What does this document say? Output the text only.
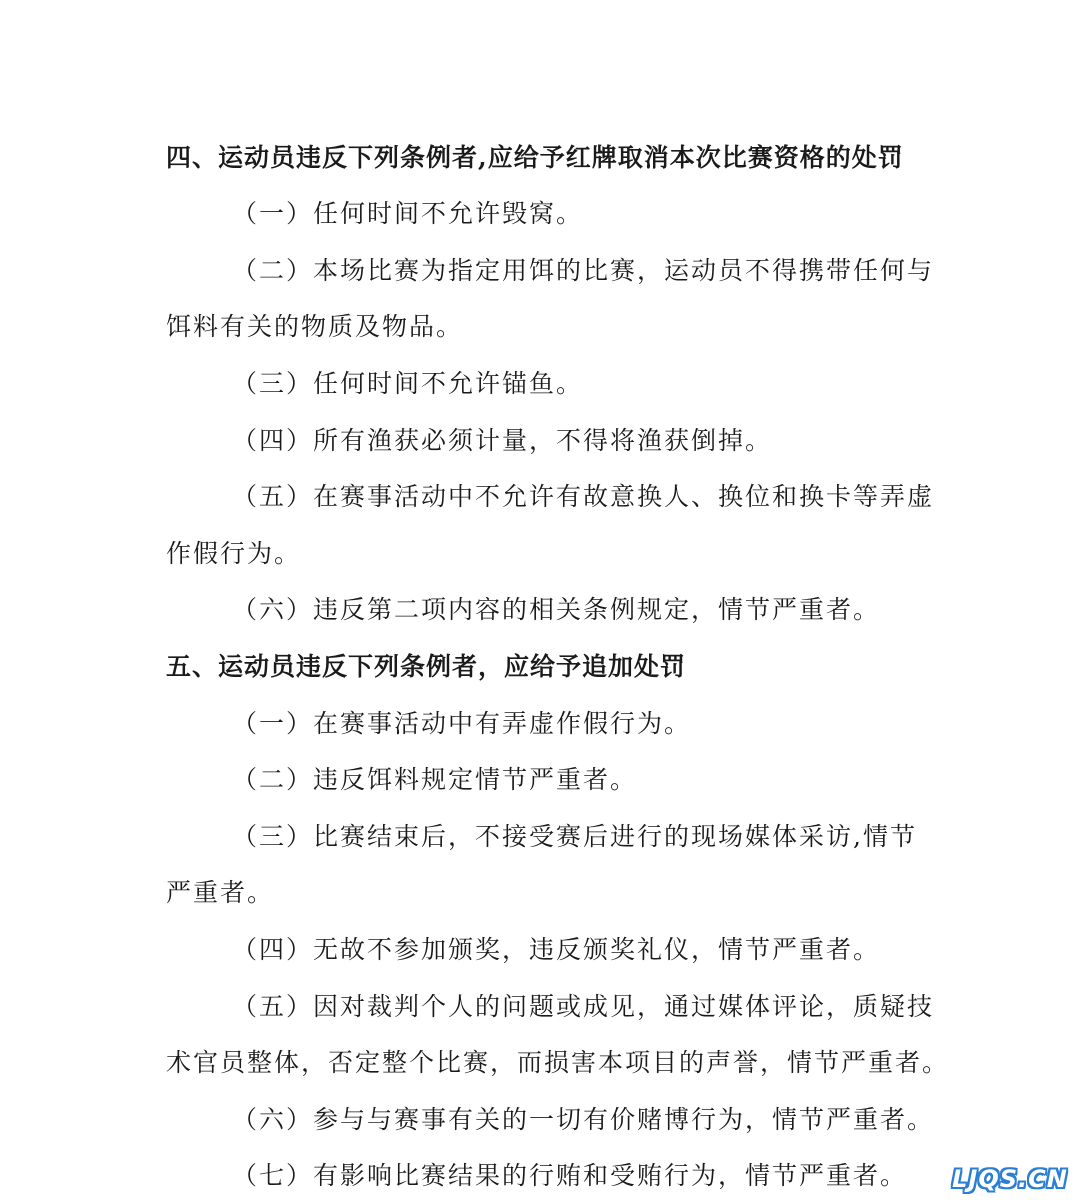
四、运动员违反下列条例者,应给予红牌取消本次比赛资格的处罚
（一）任何时间不允许毁窝。
（二）本场比赛为指定用饵的比赛，运动员不得携带任何与
饵料有关的物质及物品。
（三）任何时间不允许锚鱼。
（四）所有渔获必须计量，不得将渔获倒掉。
（五）在赛事活动中不允许有故意换人、换位和换卡等弄虚
作假行为。
（六）违反第二项内容的相关条例规定，情节严重者。
五、运动员违反下列条例者，应给予追加处罚
（一）在赛事活动中有弄虚作假行为。
（二）违反饵料规定情节严重者。
（三）比赛结束后，不接受赛后进行的现场媒体采访,情节
严重者。
（四）无故不参加颁奖，违反颁奖礼仪，情节严重者。
（五）因对裁判个人的问题或成见，通过媒体评论，质疑技
术官员整体，否定整个比赛，而损害本项目的声誉，情节严重者。
（六）参与与赛事有关的一切有价赌博行为，情节严重者。
（七）有影响比赛结果的行贿和受贿行为，情节严重者。 LJQS.CN
